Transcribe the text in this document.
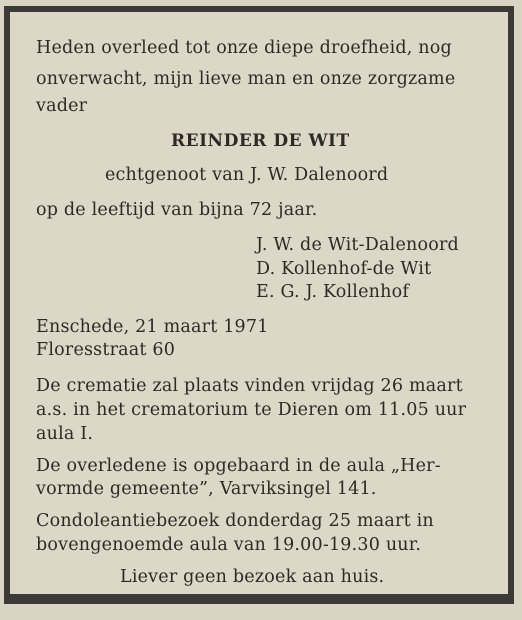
Heden overleed tot onze diepe droefheid, nog
onverwacht, mijn lieve man en onze zorgzame
vader
REINDER DE WIT
echtgenoot van J. W. Dalenoord
op de leeftijd van bijna 72 jaar.
J. W. de Wit-Dalenoord
D. Kollenhof-de Wit
E. G. J. Kollenhof
Enschede, 21 maart 1971
Floresstraat 60
De crematie zal plaats vinden vrijdag 26 maart
a.s. in het crematorium te Dieren om 11.05 uur
aula I.
De overledene is opgebaard in de aula „Her-
vormde gemeente”, Varviksingel 141.
Condoleantiebezoek donderdag 25 maart in
bovengenoemde aula van 19.00-19.30 uur.
Liever geen bezoek aan huis.
